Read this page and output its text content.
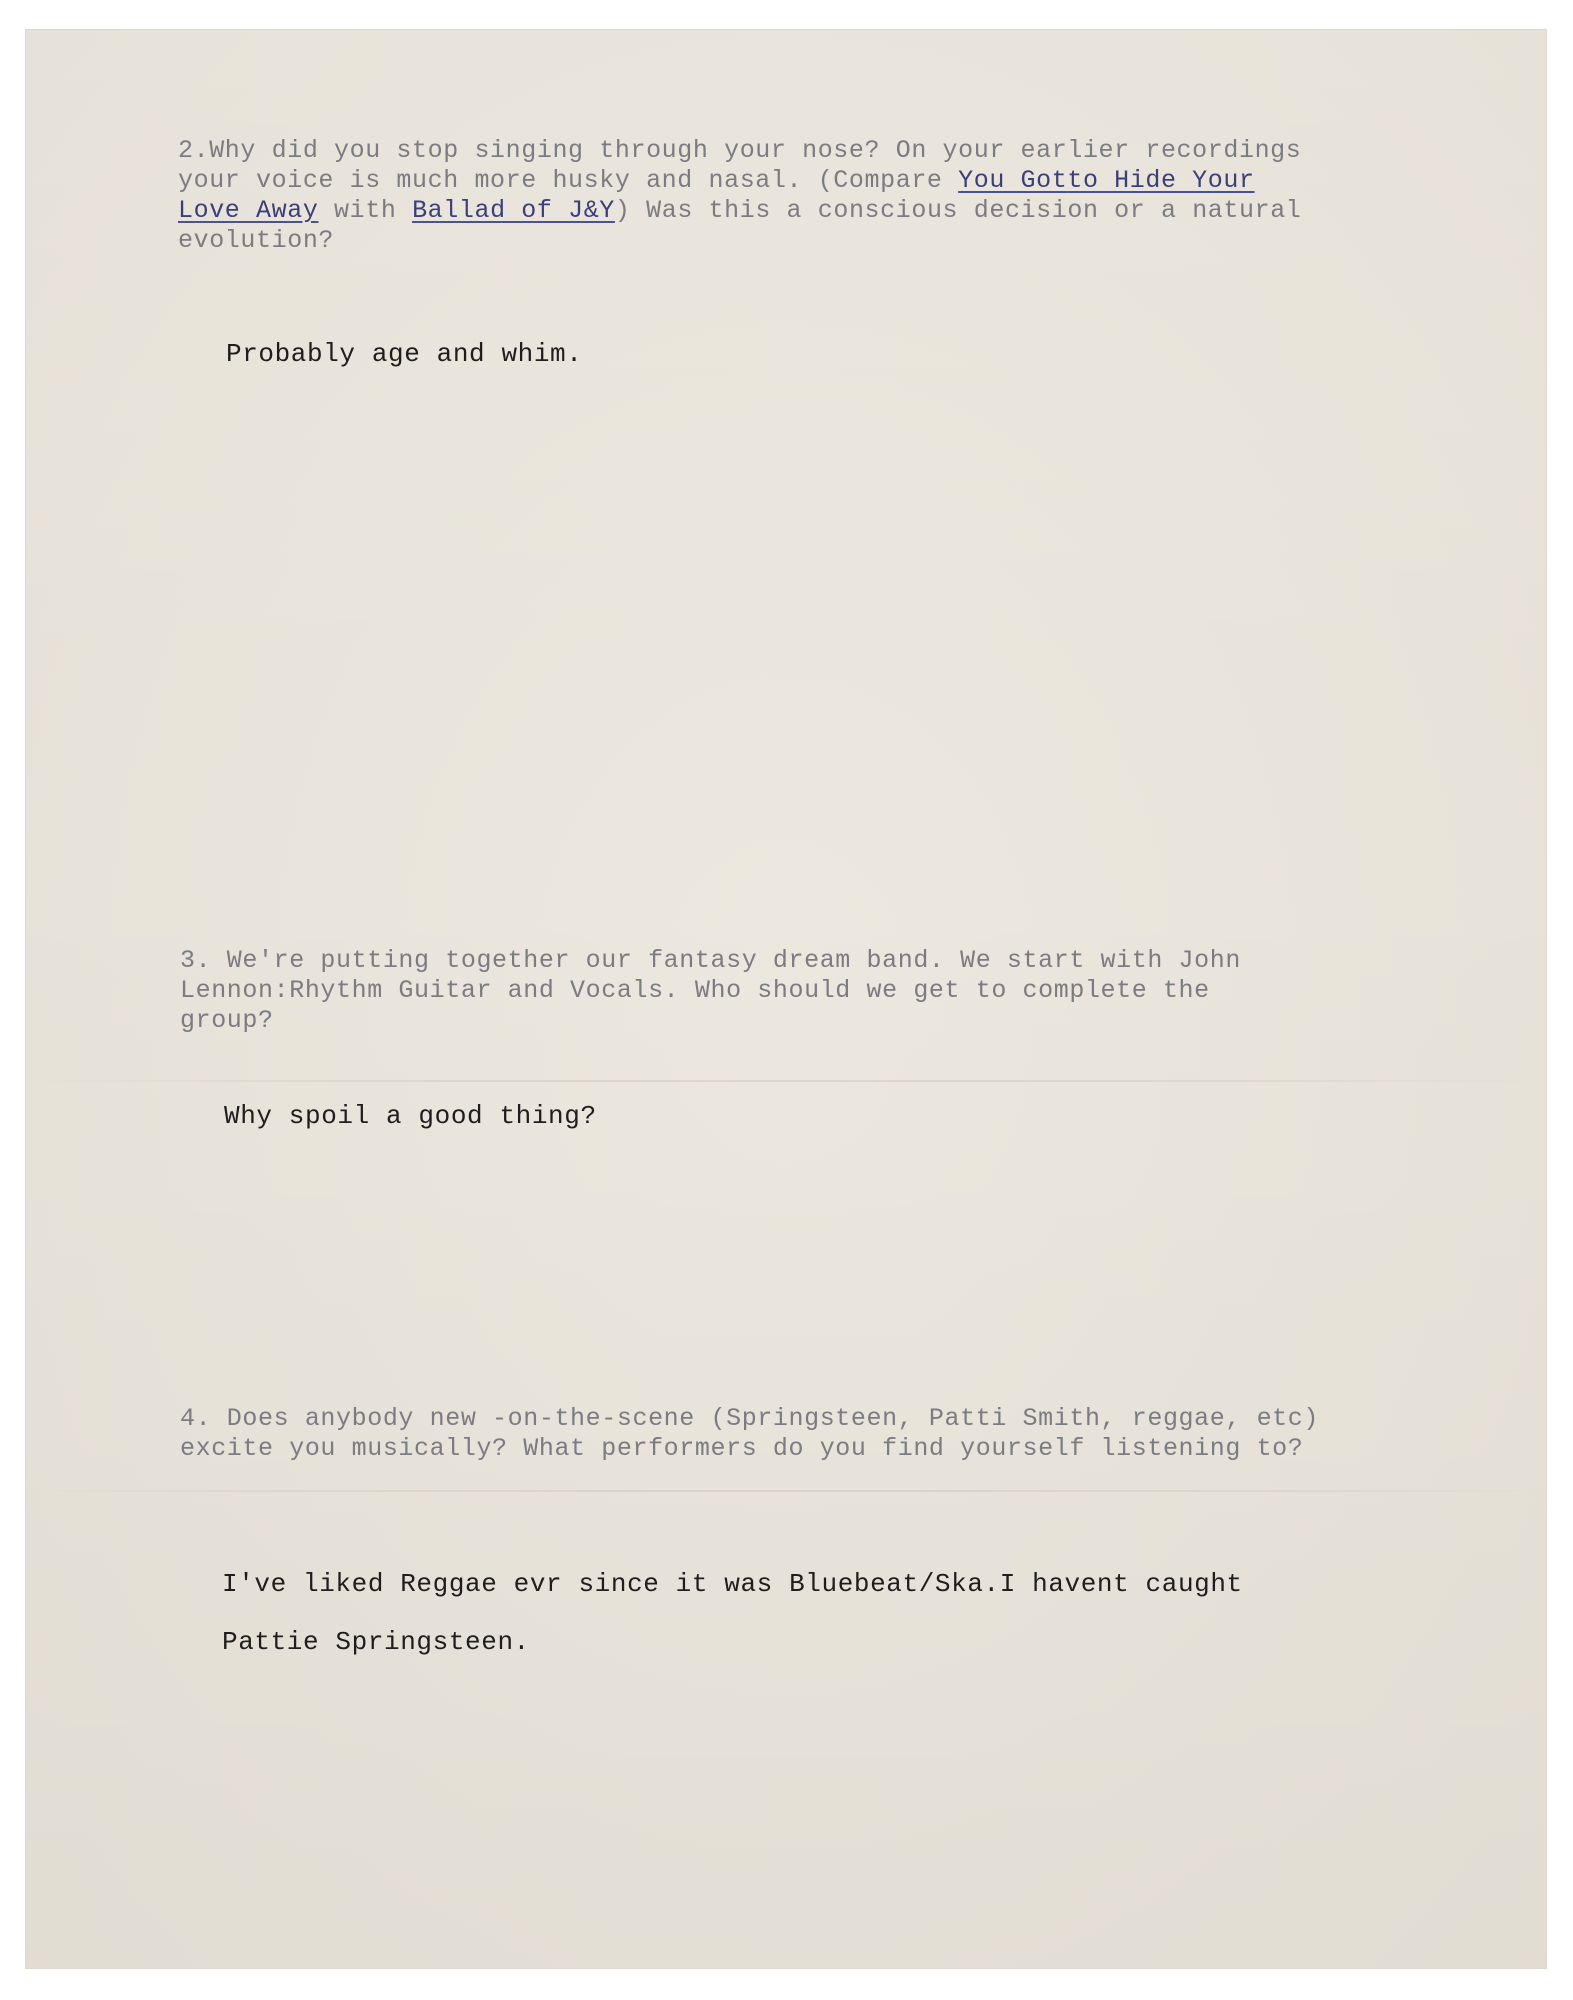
2.Why did you stop singing through your nose? On your earlier recordings
your voice is much more husky and nasal. (Compare You Gotto Hide Your
Love Away with Ballad of J&Y) Was this a conscious decision or a natural
evolution?
Probably age and whim.
3. We're putting together our fantasy dream band. We start with John
Lennon:Rhythm Guitar and Vocals. Who should we get to complete the
group?
Why spoil a good thing?
4. Does anybody new -on-the-scene (Springsteen, Patti Smith, reggae, etc)
excite you musically? What performers do you find yourself listening to?
I've liked Reggae evr since it was Bluebeat/Ska.I havent caught
Pattie Springsteen.
